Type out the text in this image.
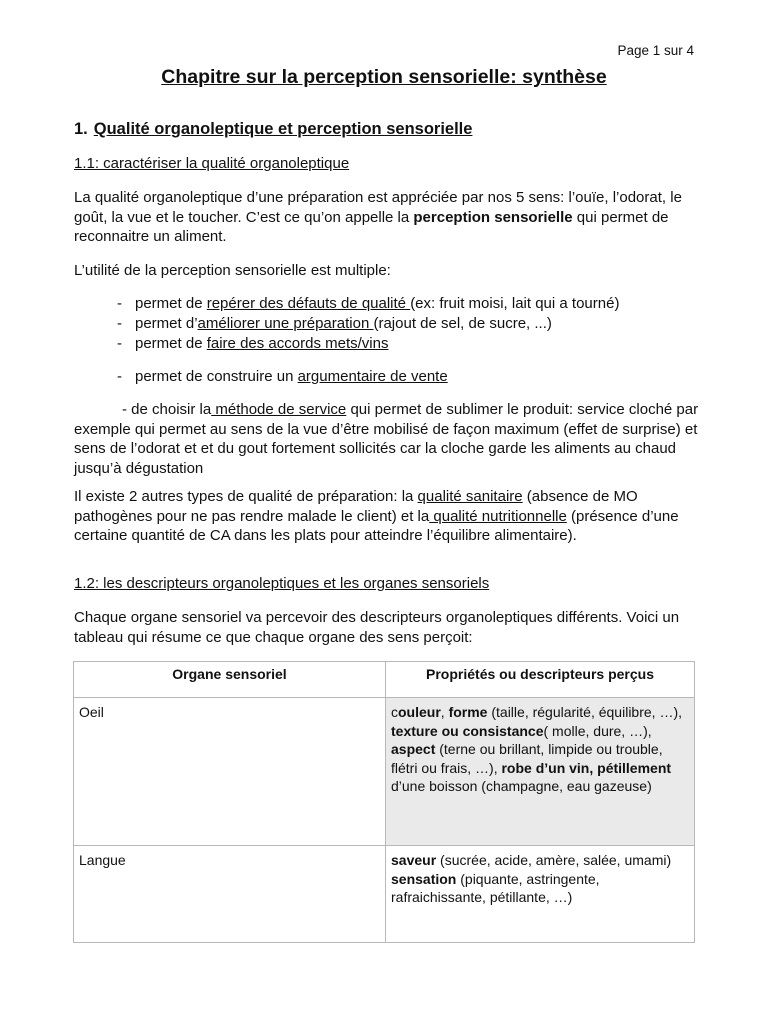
Page 1 sur 4
Chapitre sur la perception sensorielle: synthèse
1. Qualité organoleptique et perception sensorielle
1.1: caractériser la qualité organoleptique
La qualité organoleptique d’une préparation est appréciée par nos 5 sens: l’ouïe, l’odorat, le goût, la vue et le toucher. C’est ce qu’on appelle la perception sensorielle qui permet de reconnaitre un aliment.
L’utilité de la perception sensorielle est multiple:
- permet de repérer des défauts de qualité (ex: fruit moisi, lait qui a tourné)
- permet d’améliorer une préparation (rajout de sel, de sucre, ...)
- permet de faire des accords mets/vins
- permet de construire un argumentaire de vente
- de choisir la méthode de service qui permet de sublimer le produit: service cloché par exemple qui permet au sens de la vue d’être mobilisé de façon maximum (effet de surprise) et sens de l’odorat et et du gout fortement sollicités car la cloche garde les aliments au chaud jusqu’à dégustation
Il existe 2 autres types de qualité de préparation: la qualité sanitaire (absence de MO pathogènes pour ne pas rendre malade le client) et la qualité nutritionnelle (présence d’une certaine quantité de CA dans les plats pour atteindre l’équilibre alimentaire).
1.2: les descripteurs organoleptiques et les organes sensoriels
Chaque organe sensoriel va percevoir des descripteurs organoleptiques différents. Voici un tableau qui résume ce que chaque organe des sens perçoit:
Organe sensoriel	Propriétés ou descripteurs perçus
Oeil	couleur, forme (taille, régularité, équilibre, …), texture ou consistance( molle, dure, …), aspect (terne ou brillant, limpide ou trouble, flétri ou frais, …), robe d’un vin, pétillement d’une boisson (champagne, eau gazeuse)
Langue	saveur (sucrée, acide, amère, salée, umami) sensation (piquante, astringente, rafraichissante, pétillante, …)
